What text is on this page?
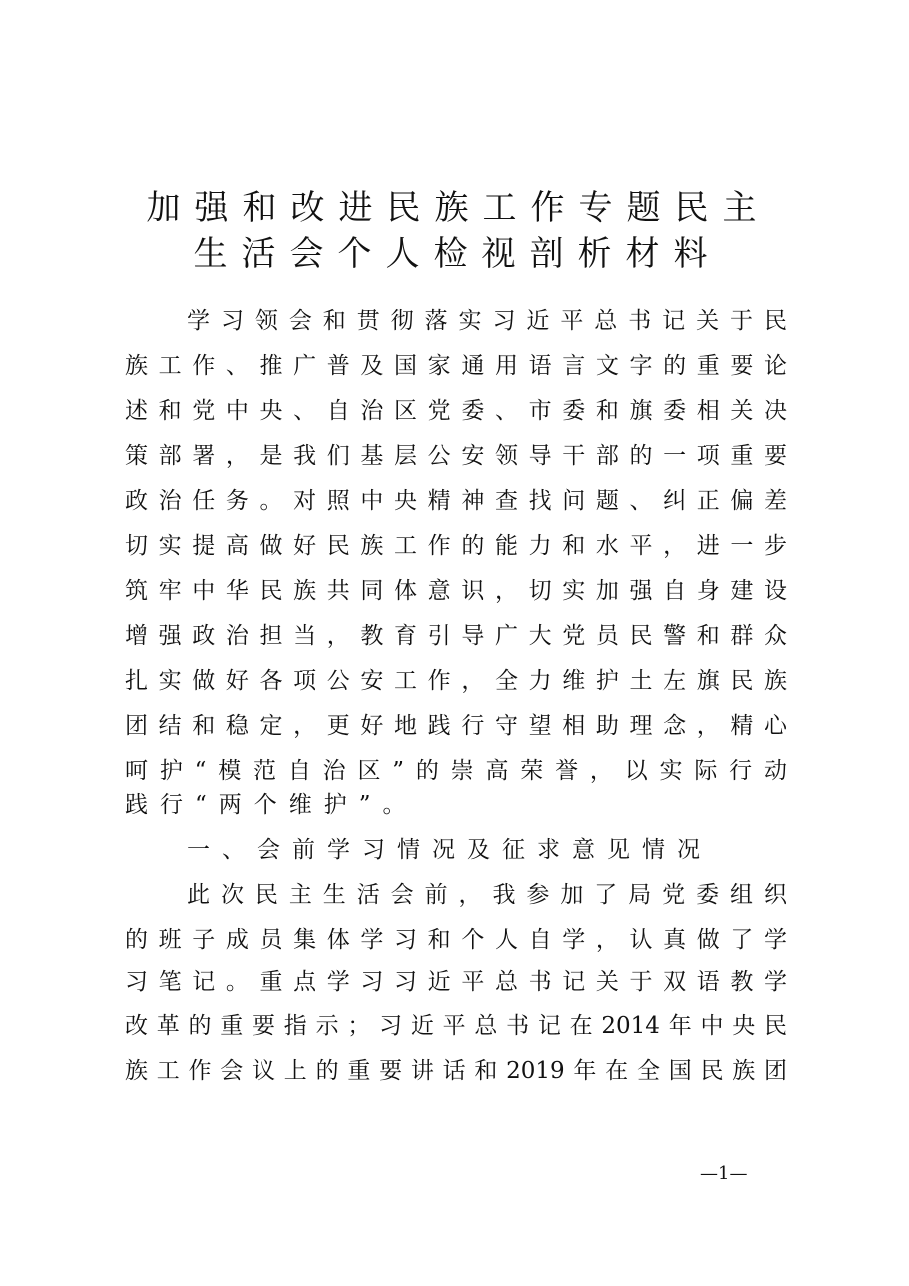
加强和改进民族工作专题民主
生活会个人检视剖析材料
学习领会和贯彻落实习近平总书记关于民
族工作、推广普及国家通用语言文字的重要论
述和党中央、自治区党委、市委和旗委相关决
策部署，是我们基层公安领导干部的一项重要
政治任务。对照中央精神查找问题、纠正偏差
切实提高做好民族工作的能力和水平，进一步
筑牢中华民族共同体意识，切实加强自身建设
增强政治担当，教育引导广大党员民警和群众
扎实做好各项公安工作，全力维护土左旗民族
团结和稳定，更好地践行守望相助理念，精心
呵护“模范自治区”的崇高荣誉，以实际行动
践行“两个维护”。
一、会前学习情况及征求意见情况
此次民主生活会前，我参加了局党委组织
的班子成员集体学习和个人自学，认真做了学
习笔记。重点学习习近平总书记关于双语教学
改革的重要指示；习近平总书记在2014年中央民
族工作会议上的重要讲话和2019年在全国民族团
—1—
